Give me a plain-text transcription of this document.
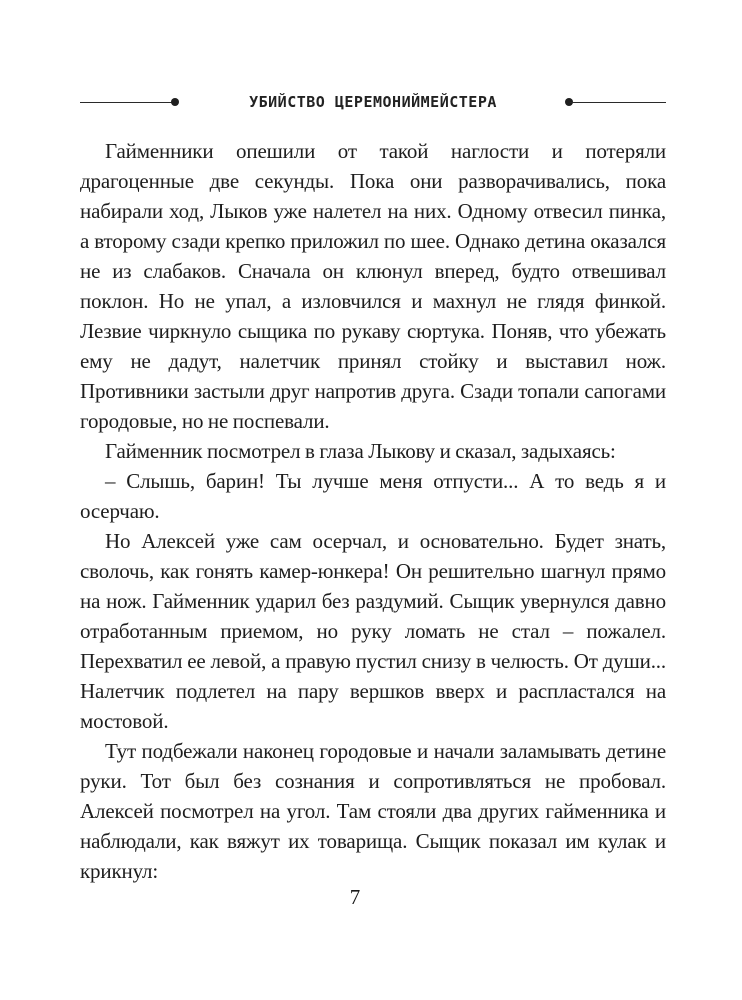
УБИЙСТВО ЦЕРЕМОНИЙМЕЙСТЕРА

Гайменники опешили от такой наглости и потеряли драгоценные две секунды. Пока они разворачивались, пока набирали ход, Лыков уже налетел на них. Одному отвесил пинка, а второму сзади крепко приложил по шее. Однако детина оказался не из слабаков. Сначала он клюнул вперед, будто отвешивал поклон. Но не упал, а изловчился и махнул не глядя финкой. Лезвие чиркнуло сыщика по рукаву сюртука. Поняв, что убежать ему не дадут, налетчик принял стойку и выставил нож. Противники застыли друг напротив друга. Сзади топали сапогами городовые, но не поспевали.

Гайменник посмотрел в глаза Лыкову и сказал, задыхаясь:

– Слышь, барин! Ты лучше меня отпусти... А то ведь я и осерчаю.

Но Алексей уже сам осерчал, и основательно. Будет знать, сволочь, как гонять камер-юнкера! Он решительно шагнул прямо на нож. Гайменник ударил без раздумий. Сыщик увернулся давно отработанным приемом, но руку ломать не стал – пожалел. Перехватил ее левой, а правую пустил снизу в челюсть. От души... Налетчик подлетел на пару вершков вверх и распластался на мостовой.

Тут подбежали наконец городовые и начали заламывать детине руки. Тот был без сознания и сопротивляться не пробовал. Алексей посмотрел на угол. Там стояли два других гайменника и наблюдали, как вяжут их товарища. Сыщик показал им кулак и крикнул:

7
